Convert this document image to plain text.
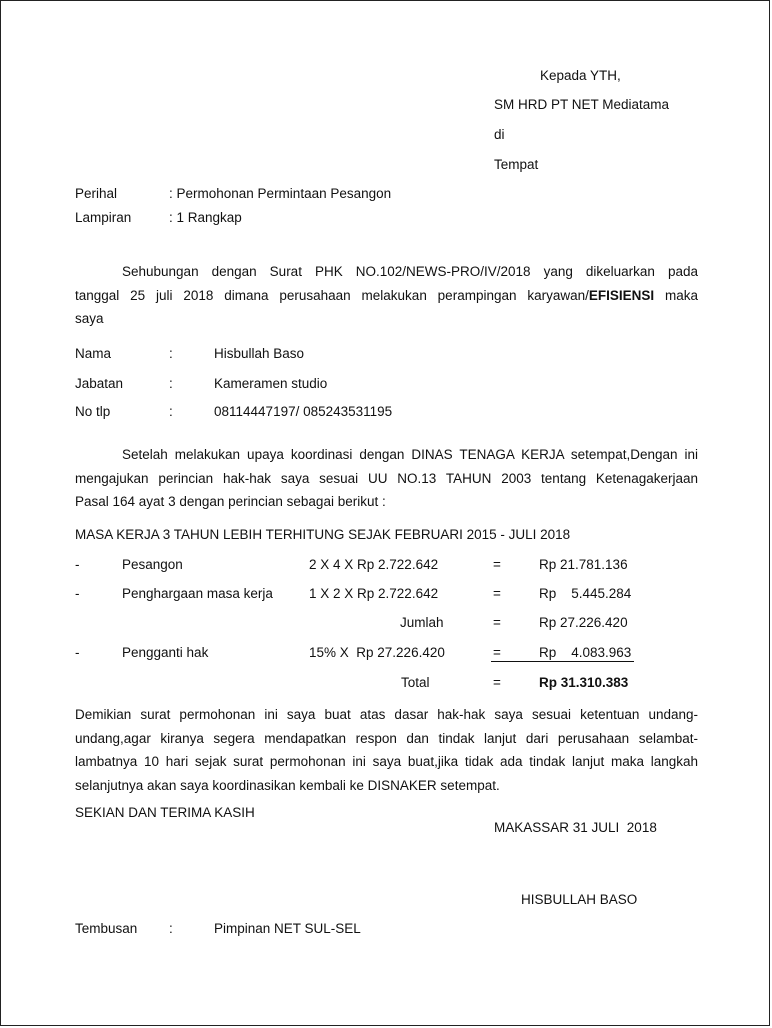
Kepada YTH,
SM HRD PT NET Mediatama
di
Tempat
Perihal	: Permohonan Permintaan Pesangon
Lampiran	: 1 Rangkap
Sehubungan dengan Surat PHK NO.102/NEWS-PRO/IV/2018 yang dikeluarkan pada
tanggal 25 juli 2018 dimana perusahaan melakukan perampingan karyawan/EFISIENSI maka
saya
Nama	:	Hisbullah Baso
Jabatan	:	Kameramen studio
No tlp	:	08114447197/ 085243531195
Setelah melakukan upaya koordinasi dengan DINAS TENAGA KERJA setempat,Dengan ini
mengajukan perincian hak-hak saya sesuai UU NO.13 TAHUN 2003 tentang Ketenagakerjaan
Pasal 164 ayat 3 dengan perincian sebagai berikut :
MASA KERJA 3 TAHUN LEBIH TERHITUNG SEJAK FEBRUARI 2015 - JULI 2018
-	Pesangon	2 X 4 X Rp 2.722.642	=	Rp 21.781.136
-	Penghargaan masa kerja	1 X 2 X Rp 2.722.642	=	Rp    5.445.284
Jumlah	=	Rp 27.226.420
-	Pengganti hak	15% X  Rp 27.226.420	=	Rp    4.083.963
Total	=	Rp 31.310.383
Demikian surat permohonan ini saya buat atas dasar hak-hak saya sesuai ketentuan undang-
undang,agar kiranya segera mendapatkan respon dan tindak lanjut dari perusahaan selambat-
lambatnya 10 hari sejak surat permohonan ini saya buat,jika tidak ada tindak lanjut maka langkah
selanjutnya akan saya koordinasikan kembali ke DISNAKER setempat.
SEKIAN DAN TERIMA KASIH
MAKASSAR 31 JULI  2018
HISBULLAH BASO
Tembusan :	Pimpinan NET SUL-SEL
